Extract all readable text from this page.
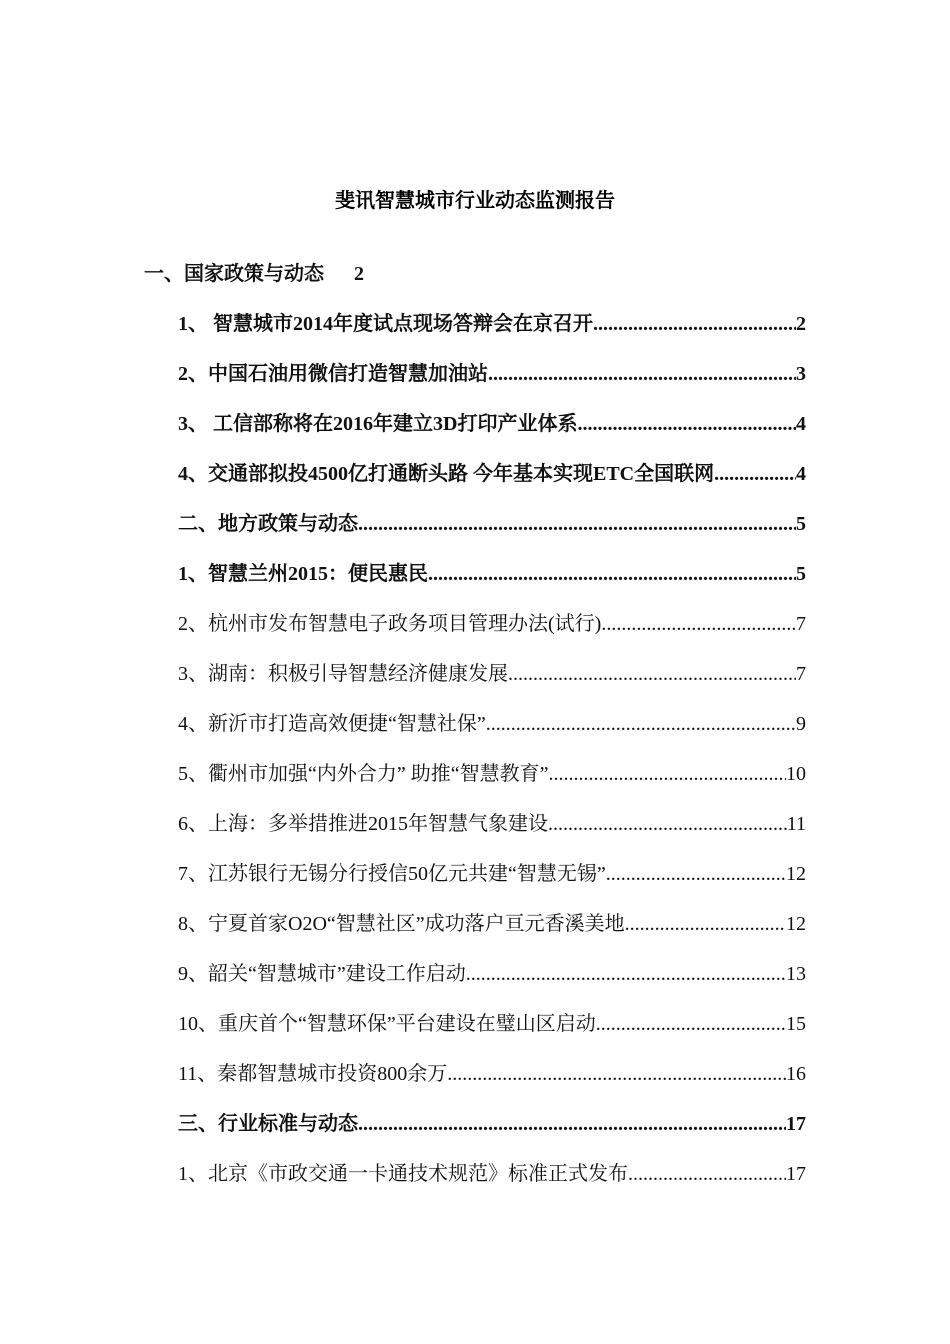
斐讯智慧城市行业动态监测报告
一、国家政策与动态 2
1、 智慧城市2014年度试点现场答辩会在京召开 .....	2
2、中国石油用微信打造智慧加油站 .....	3
3、 工信部称将在2016年建立3D打印产业体系 .....	4
4、交通部拟投4500亿打通断头路 今年基本实现ETC全国联网 .....	4
二、地方政策与动态 .....	5
1、智慧兰州2015：便民惠民 .....	5
2、杭州市发布智慧电子政务项目管理办法(试行) .....	7
3、湖南：积极引导智慧经济健康发展 .....	7
4、新沂市打造高效便捷“智慧社保” .....	9
5、衢州市加强“内外合力” 助推“智慧教育” .....	10
6、上海：多举措推进2015年智慧气象建设 .....	11
7、江苏银行无锡分行授信50亿元共建“智慧无锡” .....	12
8、宁夏首家O2O“智慧社区”成功落户亘元香溪美地 .....	12
9、韶关“智慧城市”建设工作启动 .....	13
10、重庆首个“智慧环保”平台建设在璧山区启动 .....	15
11、秦都智慧城市投资800余万 .....	16
三、行业标准与动态 .....	17
1、北京《市政交通一卡通技术规范》标准正式发布 .....	17
